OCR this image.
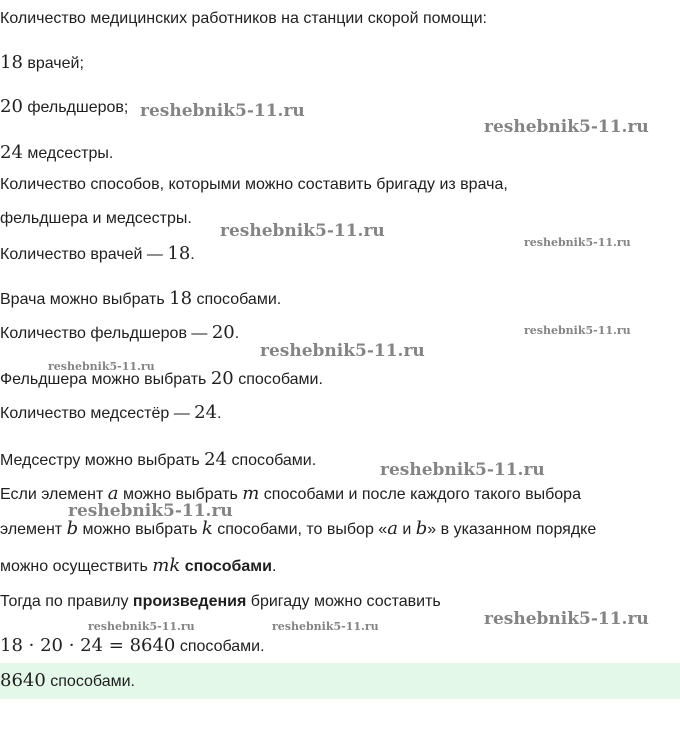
Количество медицинских работников на станции скорой помощи:
18 врачей;
20 фельдшеров;
24 медсестры.
Количество способов, которыми можно составить бригаду из врача,
фельдшера и медсестры.
Количество врачей — 18.
Врача можно выбрать 18 способами.
Количество фельдшеров — 20.
Фельдшера можно выбрать 20 способами.
Количество медсестёр — 24.
Медсестру можно выбрать 24 способами.
Если элемент a можно выбрать m способами и после каждого такого выбора
элемент b можно выбрать k способами, то выбор «a и b» в указанном порядке
можно осуществить mk способами.
Тогда по правилу произведения бригаду можно составить
18 · 20 · 24 = 8640 способами.
8640 способами.
reshebnik5-11.ru
reshebnik5-11.ru
reshebnik5-11.ru
reshebnik5-11.ru
reshebnik5-11.ru
reshebnik5-11.ru
reshebnik5-11.ru
reshebnik5-11.ru
reshebnik5-11.ru
reshebnik5-11.ru
reshebnik5-11.ru	reshebnik5-11.ru
